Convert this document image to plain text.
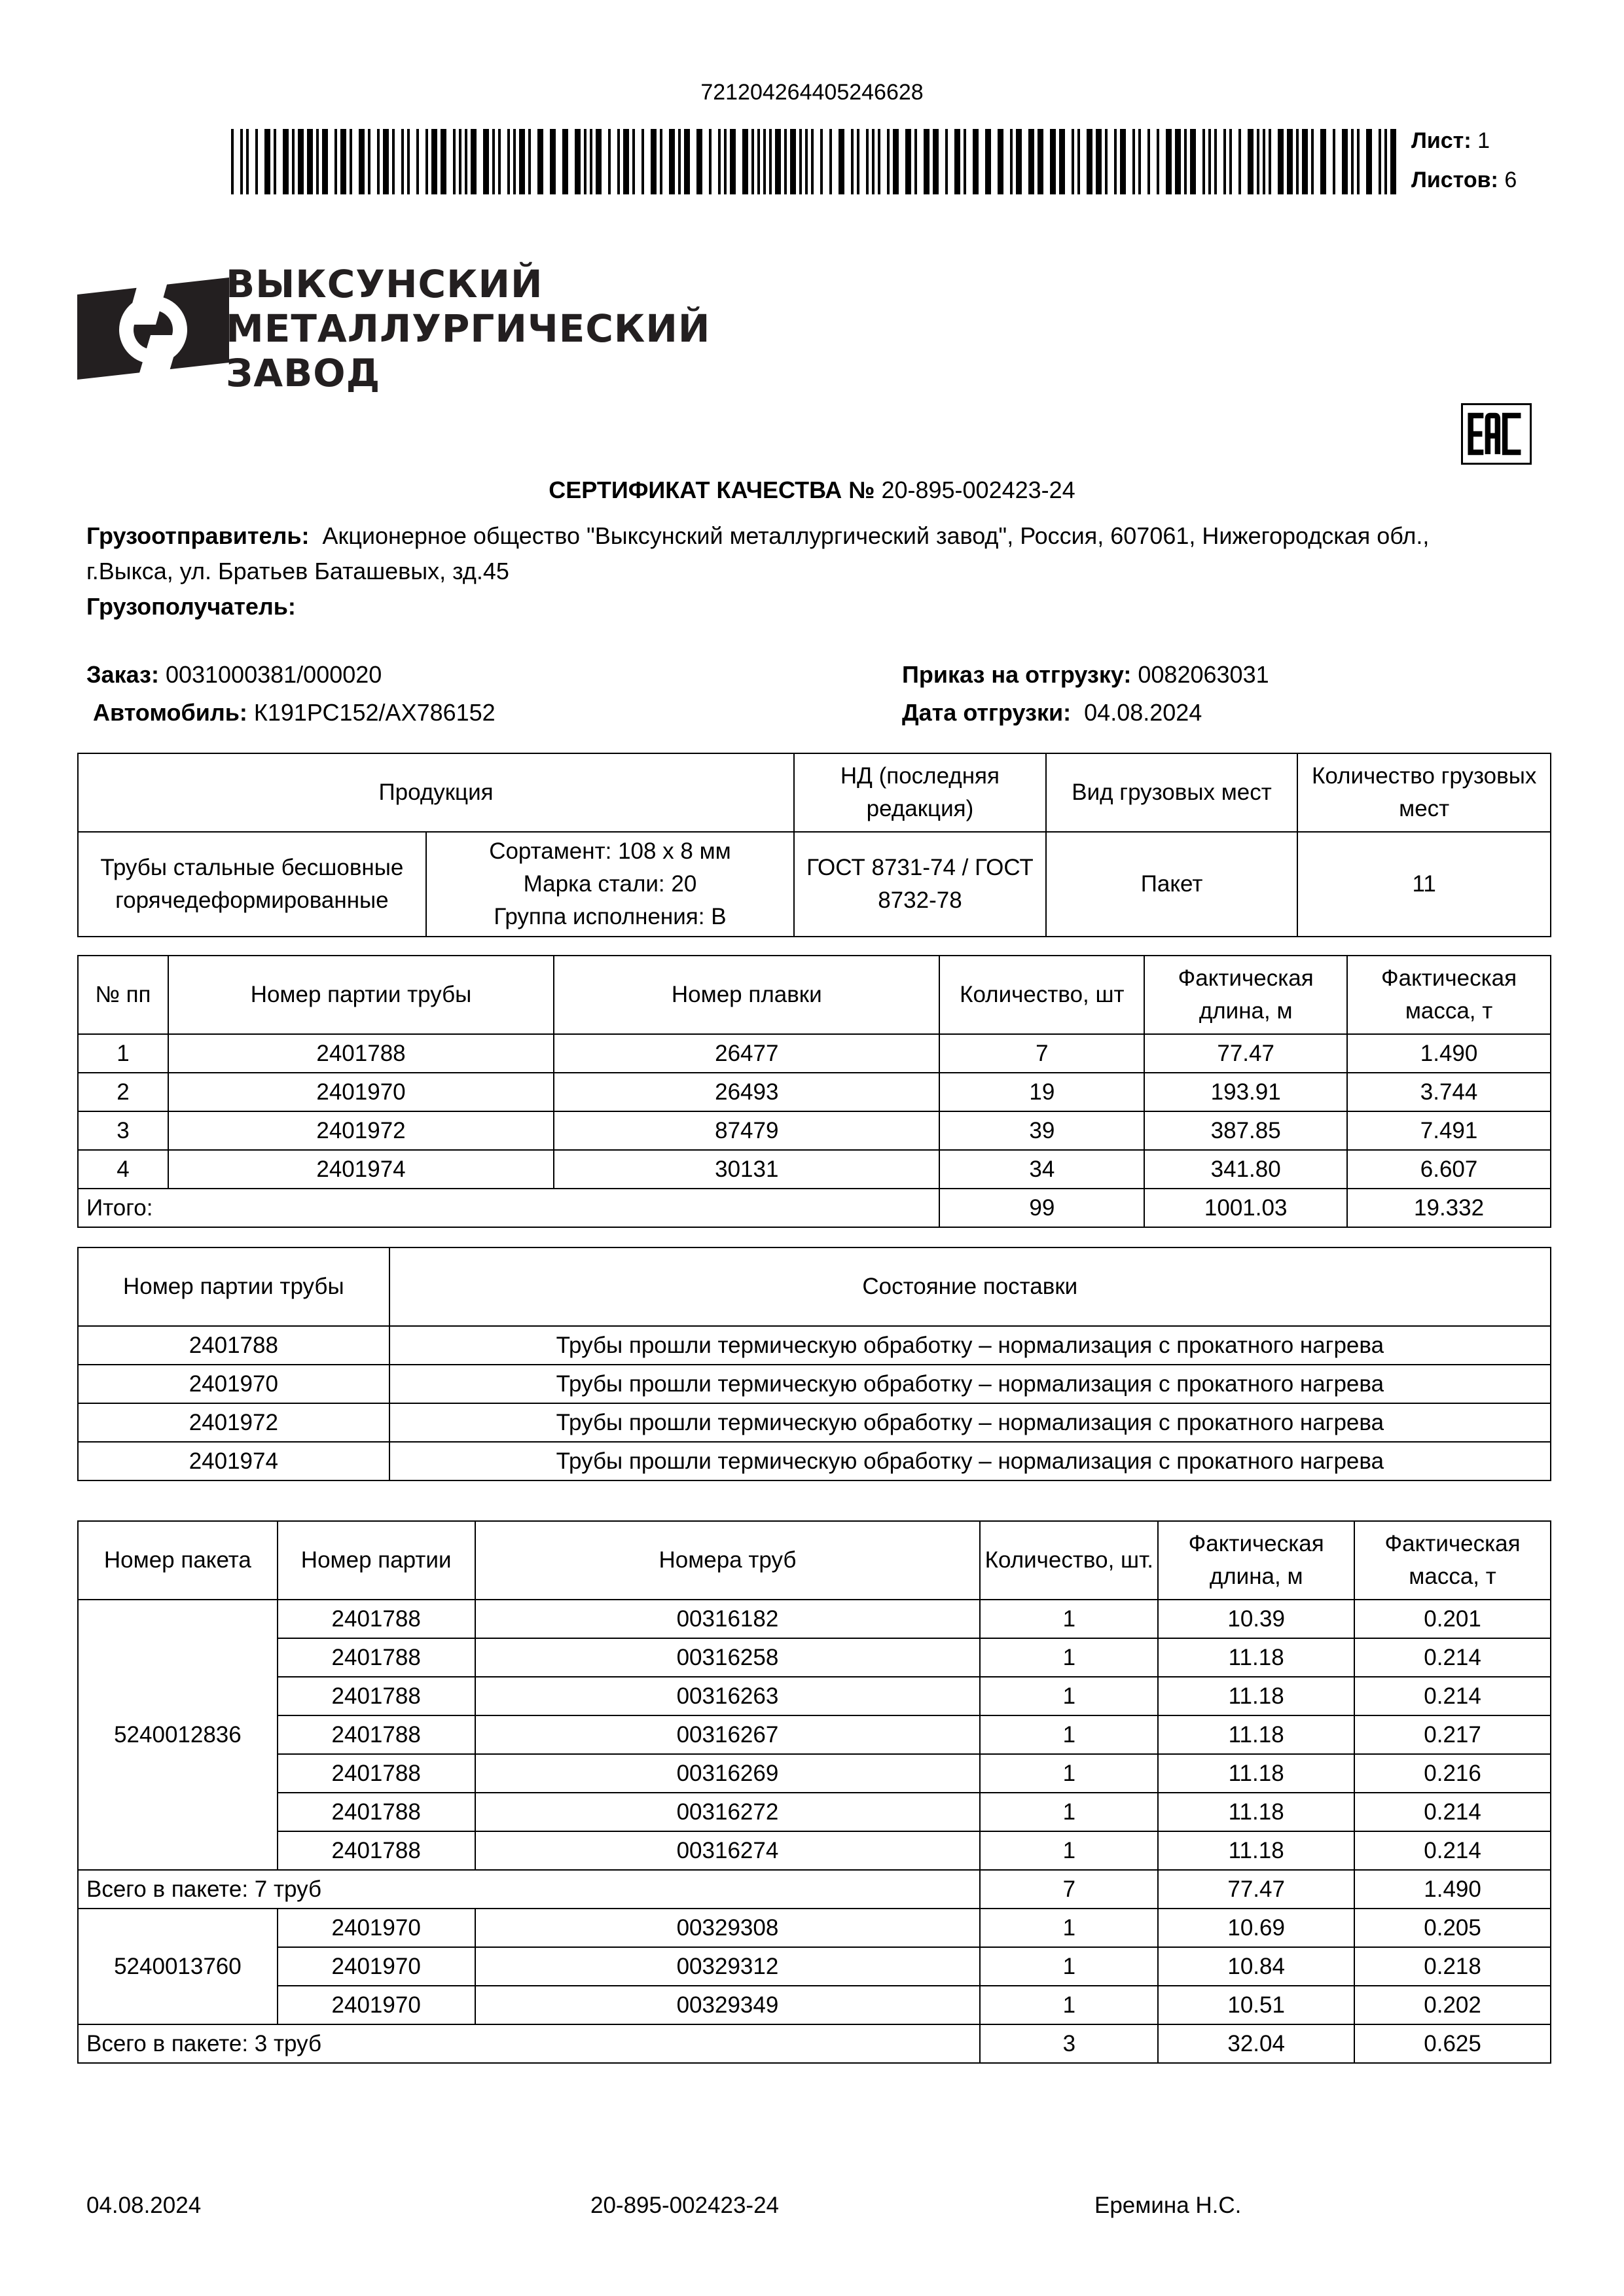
721204264405246628
Лист: 1
Листов: 6
ВЫКСУНСКИЙ
МЕТАЛЛУРГИЧЕСКИЙ
ЗАВОД
СЕРТИФИКАТ КАЧЕСТВА № 20-895-002423-24
Грузоотправитель: Акционерное общество "Выксунский металлургический завод", Россия, 607061, Нижегородская обл.,
г.Выкса, ул. Братьев Баташевых, зд.45
Грузополучатель:
Заказ: 0031000381/000020
Автомобиль: К191РС152/АХ786152
Приказ на отгрузку: 0082063031
Дата отгрузки: 04.08.2024
Продукция		НД (последняя редакция)	Вид грузовых мест	Количество грузовых мест
Трубы стальные бесшовные горячедеформированные	Сортамент: 108 х 8 мм
Марка стали: 20
Группа исполнения: В	ГОСТ 8731-74 / ГОСТ 8732-78	Пакет	11
№ пп	Номер партии трубы	Номер плавки	Количество, шт	Фактическая длина, м	Фактическая масса, т
1	2401788	26477	7	77.47	1.490
2	2401970	26493	19	193.91	3.744
3	2401972	87479	39	387.85	7.491
4	2401974	30131	34	341.80	6.607
Итого:			99	1001.03	19.332
Номер партии трубы	Состояние поставки
2401788	Трубы прошли термическую обработку – нормализация с прокатного нагрева
2401970	Трубы прошли термическую обработку – нормализация с прокатного нагрева
2401972	Трубы прошли термическую обработку – нормализация с прокатного нагрева
2401974	Трубы прошли термическую обработку – нормализация с прокатного нагрева
Номер пакета	Номер партии	Номера труб	Количество, шт.	Фактическая длина, м	Фактическая масса, т
5240012836	2401788	00316182	1	10.39	0.201
	2401788	00316258	1	11.18	0.214
	2401788	00316263	1	11.18	0.214
	2401788	00316267	1	11.18	0.217
	2401788	00316269	1	11.18	0.216
	2401788	00316272	1	11.18	0.214
	2401788	00316274	1	11.18	0.214
Всего в пакете: 7 труб			7	77.47	1.490
5240013760	2401970	00329308	1	10.69	0.205
	2401970	00329312	1	10.84	0.218
	2401970	00329349	1	10.51	0.202
Всего в пакете: 3 труб			3	32.04	0.625
04.08.2024	20-895-002423-24	Еремина Н.С.
